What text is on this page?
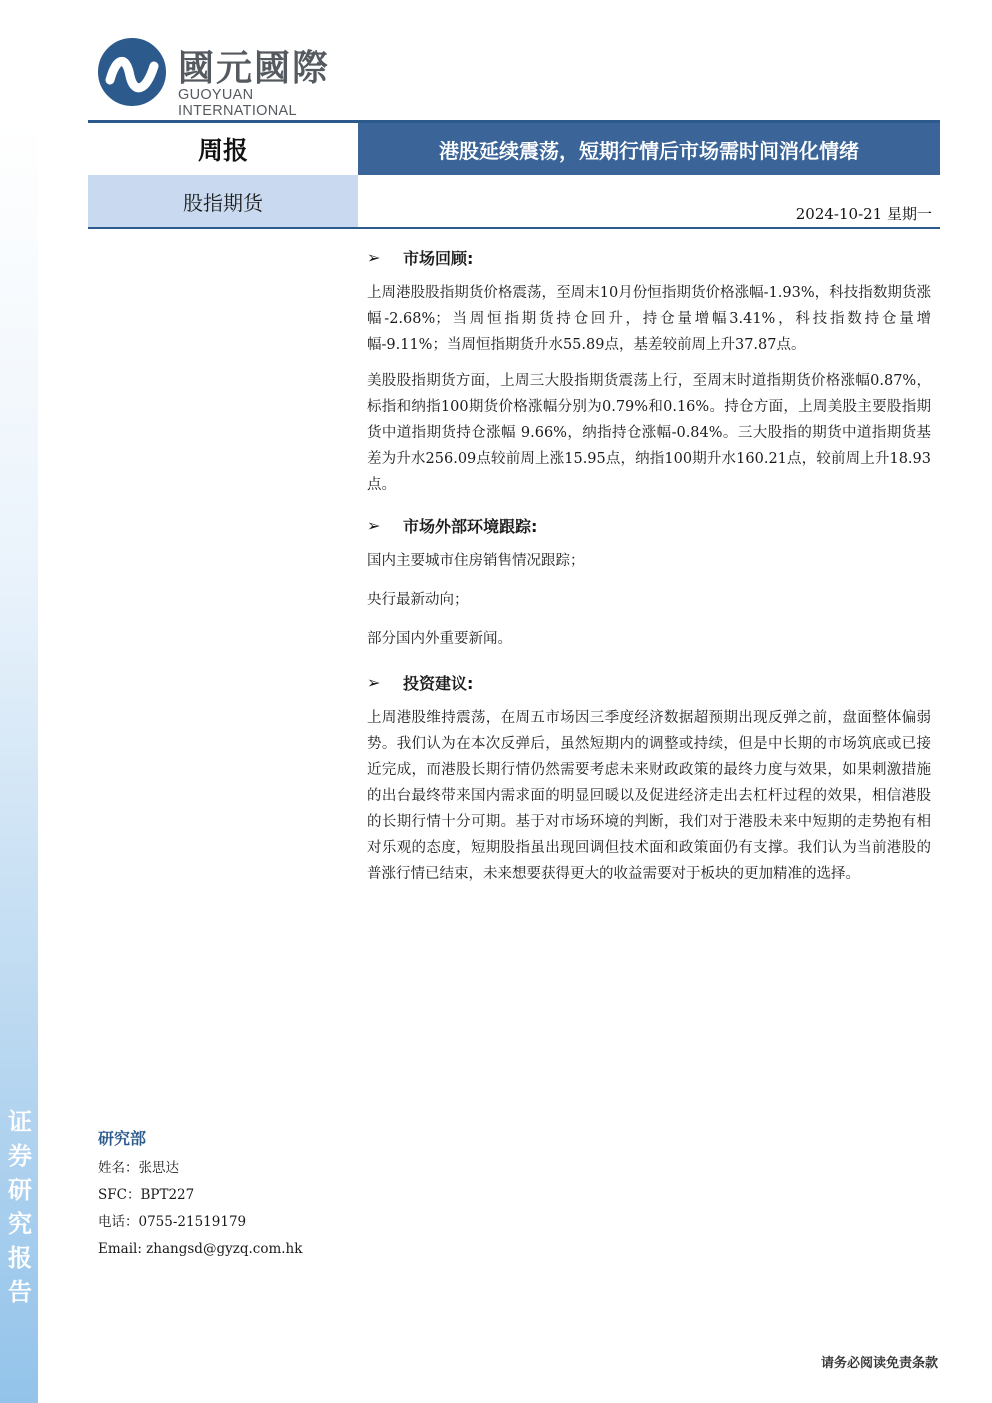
证
券
研
究
报
告
國元國際
GUOYUAN INTERNATIONAL
周报	港股延续震荡，短期行情后市场需时间消化情绪
股指期货	2024-10-21 星期一
➢	市场回顾:

上周港股股指期货价格震荡，至周末10月份恒指期货价格涨幅-1.93%，科技指数期货涨幅-2.68%；当周恒指期货持仓回升，持仓量增幅3.41%，科技指数持仓量增幅-9.11%；当周恒指期货升水55.89点，基差较前周上升37.87点。

美股股指期货方面，上周三大股指期货震荡上行，至周末时道指期货价格涨幅0.87%，标指和纳指100期货价格涨幅分别为0.79%和0.16%。持仓方面，上周美股主要股指期货中道指期货持仓涨幅 9.66%，纳指持仓涨幅-0.84%。三大股指的期货中道指期货基差为升水256.09点较前周上涨15.95点，纳指100期升水160.21点，较前周上升18.93点。

➢	市场外部环境跟踪:
国内主要城市住房销售情况跟踪；
央行最新动向；
部分国内外重要新闻。
➢	投资建议:

上周港股维持震荡，在周五市场因三季度经济数据超预期出现反弹之前，盘面整体偏弱势。我们认为在本次反弹后，虽然短期内的调整或持续，但是中长期的市场筑底或已接近完成，而港股长期行情仍然需要考虑未来财政政策的最终力度与效果，如果刺激措施的出台最终带来国内需求面的明显回暖以及促进经济走出去杠杆过程的效果，相信港股的长期行情十分可期。基于对市场环境的判断，我们对于港股未来中短期的走势抱有相对乐观的态度，短期股指虽出现回调但技术面和政策面仍有支撑。我们认为当前港股的普涨行情已结束，未来想要获得更大的收益需要对于板块的更加精准的选择。

研究部
姓名：张思达
SFC：BPT227
电话：0755-21519179
Email: zhangsd@gyzq.com.hk
请务必阅读免责条款
